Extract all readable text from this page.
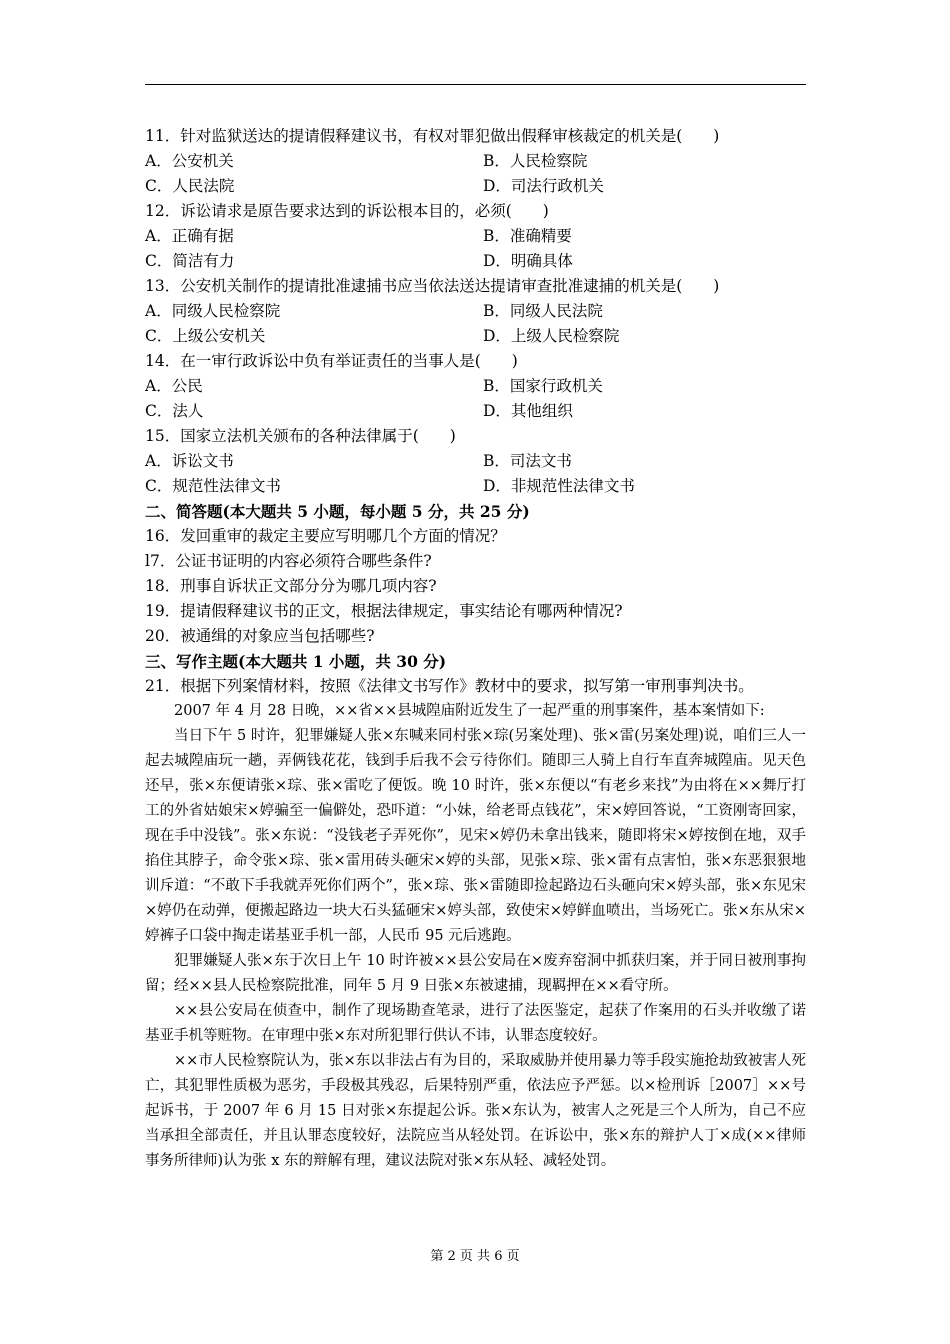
11．针对监狱送达的提请假释建议书，有权对罪犯做出假释审核裁定的机关是(　　)
A．公安机关	B．人民检察院
C．人民法院	D．司法行政机关
12．诉讼请求是原告要求达到的诉讼根本目的，必须(　　)
A．正确有据	B．准确精要
C．简洁有力	D．明确具体
13．公安机关制作的提请批准逮捕书应当依法送达提请审查批准逮捕的机关是(　　)
A．同级人民检察院	B．同级人民法院
C．上级公安机关	D．上级人民检察院
14．在一审行政诉讼中负有举证责任的当事人是(　　)
A．公民	B．国家行政机关
C．法人	D．其他组织
15．国家立法机关颁布的各种法律属于(　　)
A．诉讼文书	B．司法文书
C．规范性法律文书	D．非规范性法律文书
二、简答题(本大题共 5 小题，每小题 5 分，共 25 分)
16．发回重审的裁定主要应写明哪几个方面的情况？
l7．公证书证明的内容必须符合哪些条件?
18．刑事自诉状正文部分分为哪几项内容?
19．提请假释建议书的正文，根据法律规定，事实结论有哪两种情况?
20．被通缉的对象应当包括哪些?
三、写作主题(本大题共 1 小题，共 30 分)
21．根据下列案情材料，按照《法律文书写作》教材中的要求，拟写第一审刑事判决书。
2007 年 4 月 28 日晚，××省××县城隍庙附近发生了一起严重的刑事案件，基本案情如下:
当日下午 5 时许，犯罪嫌疑人张×东喊来同村张×琮(另案处理)、张×雷(另案处理)说，咱们三人一起去城隍庙玩一趟，弄俩钱花花，钱到手后我不会亏待你们。随即三人骑上自行车直奔城隍庙。见天色还早，张×东便请张×琮、张×雷吃了便饭。晚 10 时许，张×东便以“有老乡来找”为由将在××舞厅打工的外省姑娘宋×婷骗至一偏僻处，恐吓道：“小妹，给老哥点钱花”，宋×婷回答说，“工资刚寄回家，现在手中没钱”。张×东说：“没钱老子弄死你”，见宋×婷仍未拿出钱来，随即将宋×婷按倒在地，双手掐住其脖子，命令张×琮、张×雷用砖头砸宋×婷的头部，见张×琮、张×雷有点害怕，张×东恶狠狠地训斥道：“不敢下手我就弄死你们两个”，张×琮、张×雷随即捡起路边石头砸向宋×婷头部，张×东见宋×婷仍在动弹，便搬起路边一块大石头猛砸宋×婷头部，致使宋×婷鲜血喷出，当场死亡。张×东从宋×婷裤子口袋中掏走诺基亚手机一部，人民币 95 元后逃跑。
犯罪嫌疑人张×东于次日上午 10 时许被××县公安局在×废弃窑洞中抓获归案，并于同日被刑事拘留；经××县人民检察院批准，同年 5 月 9 日张×东被逮捕，现羁押在××看守所。
××县公安局在侦查中，制作了现场勘查笔录，进行了法医鉴定，起获了作案用的石头并收缴了诺基亚手机等赃物。在审理中张×东对所犯罪行供认不讳，认罪态度较好。
××市人民检察院认为，张×东以非法占有为目的，采取威胁并使用暴力等手段实施抢劫致被害人死亡，其犯罪性质极为恶劣，手段极其残忍，后果特别严重，依法应予严惩。以×检刑诉［2007］××号起诉书，于 2007 年 6 月 15 日对张×东提起公诉。张×东认为，被害人之死是三个人所为，自己不应当承担全部责任，并且认罪态度较好，法院应当从轻处罚。在诉讼中，张×东的辩护人丁×成(××律师事务所律师)认为张 x 东的辩解有理，建议法院对张×东从轻、减轻处罚。
第 2 页 共 6 页
